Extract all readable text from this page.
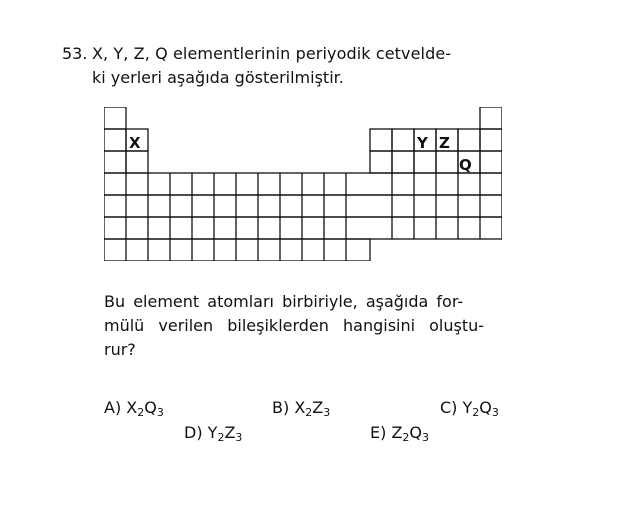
53. X, Y, Z, Q elementlerinin periyodik cetvelde-
ki yerleri aşağıda gösterilmiştir.
X	Y Z
Q
Bu element atomları birbiriyle, aşağıda for-
mülü verilen bileşiklerden hangisini oluştu-
rur?
A) $X_2Q_3$	B) $X_2Z_3$	C) $Y_2Q_3$
D) $Y_2Z_3$	E) $Z_2Q_3$
